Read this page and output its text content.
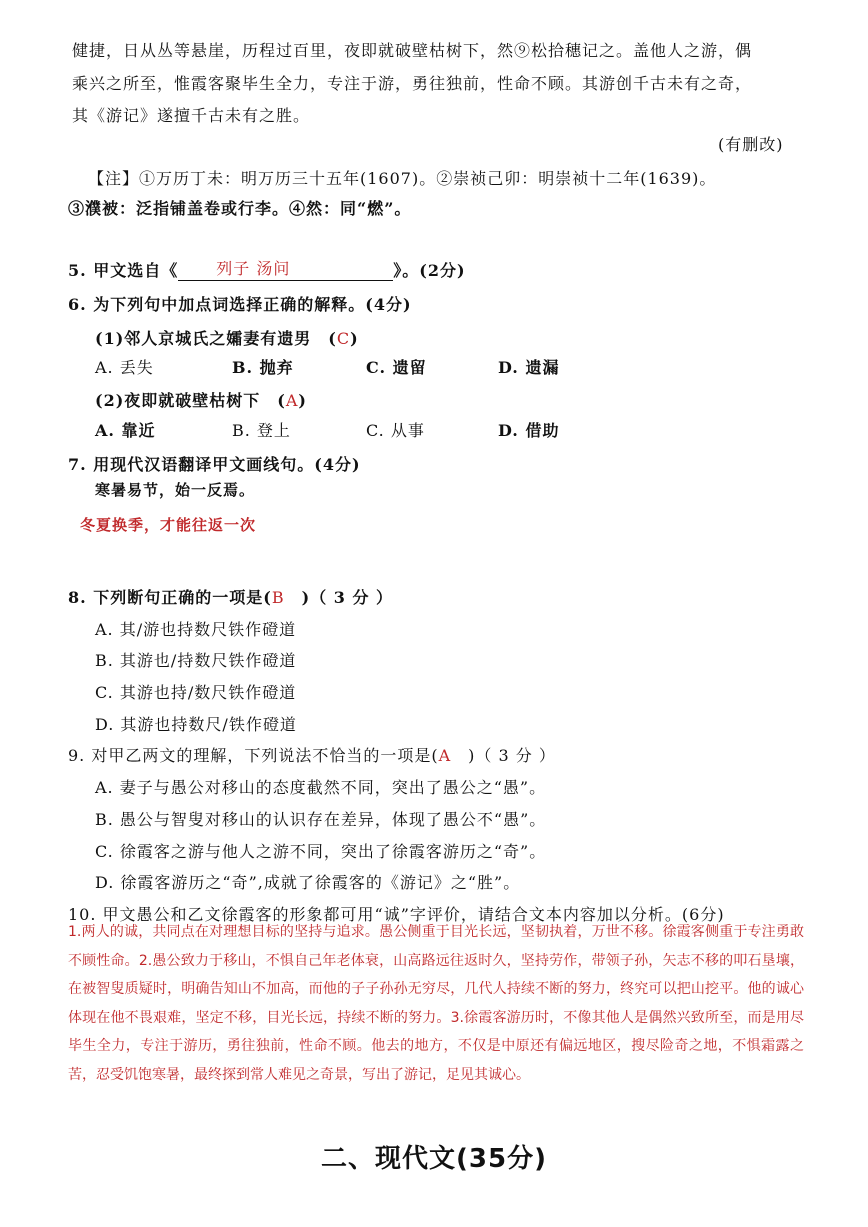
健捷，日从丛等悬崖，历程过百里，夜即就破壁枯树下，然⑨松拾穗记之。盖他人之游，偶
乘兴之所至，惟霞客聚毕生全力，专注于游，勇往独前，性命不顾。其游创千古未有之奇，
其《游记》遂擅千古未有之胜。
(有删改)
【注】①万历丁未：明万历三十五年(1607)。②崇祯己卯：明崇祯十二年(1639)。
③濮被：泛指铺盖卷或行李。④然：同“燃”。
5. 甲文选自《 列子 汤问	》。(2分)
6. 为下列句中加点词选择正确的解释。(4分)
(1)邻人京城氏之孀妻有遗男　(C)
A. 丢失	B. 抛弃	C. 遗留	D. 遗漏
(2)夜即就破壁枯树下　(A)
A. 靠近	B. 登上	C. 从事	D. 借助
7. 用现代汉语翻译甲文画线句。(4分)
寒暑易节，始一反焉。
冬夏换季，才能往返一次
8. 下列断句正确的一项是(B　)（ 3 分 ）
A. 其/游也持数尺铁作磴道
B. 其游也/持数尺铁作磴道
C. 其游也持/数尺铁作磴道
D. 其游也持数尺/铁作磴道
9. 对甲乙两文的理解，下列说法不恰当的一项是(A　)（ 3 分 ）
A. 妻子与愚公对移山的态度截然不同，突出了愚公之“愚”。
B. 愚公与智叟对移山的认识存在差异，体现了愚公不“愚”。
C. 徐霞客之游与他人之游不同，突出了徐霞客游历之“奇”。
D. 徐霞客游历之“奇”,成就了徐霞客的《游记》之“胜”。
10. 甲文愚公和乙文徐霞客的形象都可用“诚”字评价，请结合文本内容加以分析。(6分)
1.两人的诚，共同点在对理想目标的坚持与追求。愚公侧重于目光长远，坚韧执着，万世不移。徐霞客侧重于专注勇敢不顾性命。2.愚公致力于移山，不惧自己年老体衰，山高路远往返时久，坚持劳作，带领子孙，矢志不移的叩石垦壤，在被智叟质疑时，明确告知山不加高，而他的子子孙孙无穷尽，几代人持续不断的努力，终究可以把山挖平。他的诚心体现在他不畏艰难，坚定不移，目光长远，持续不断的努力。3.徐霞客游历时，不像其他人是偶然兴致所至，而是用尽毕生全力，专注于游历，勇往独前，性命不顾。他去的地方，不仅是中原还有偏远地区，搜尽险奇之地，不惧霜露之苦，忍受饥饱寒暑，最终探到常人难见之奇景，写出了游记，足见其诚心。
二、现代文(35分)
